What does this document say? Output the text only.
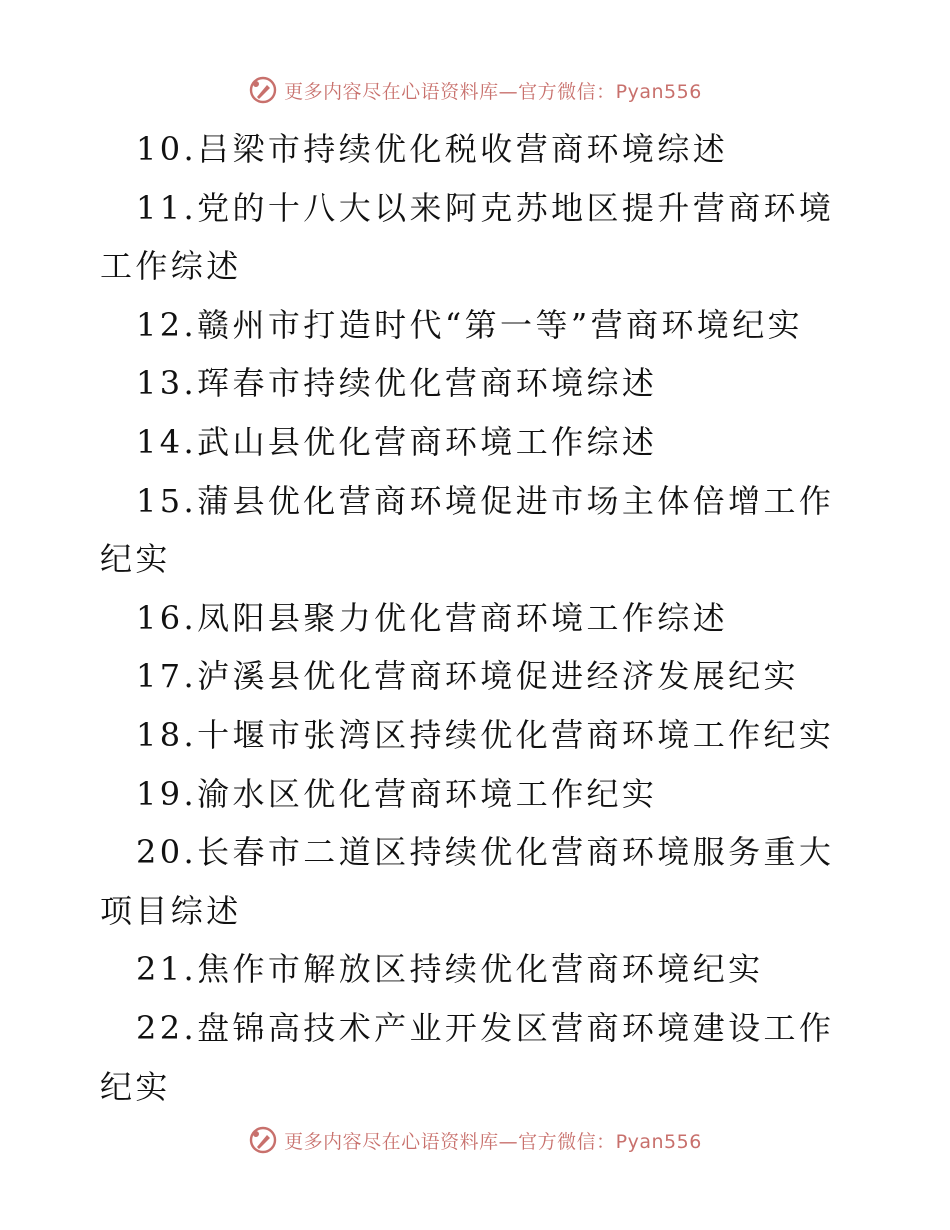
更多内容尽在心语资料库—官方微信：Pyan556

10.吕梁市持续优化税收营商环境综述

11.党的十八大以来阿克苏地区提升营商环境工作综述

12.赣州市打造时代“第一等”营商环境纪实

13.珲春市持续优化营商环境综述

14.武山县优化营商环境工作综述

15.蒲县优化营商环境促进市场主体倍增工作纪实

16.凤阳县聚力优化营商环境工作综述

17.泸溪县优化营商环境促进经济发展纪实

18.十堰市张湾区持续优化营商环境工作纪实

19.渝水区优化营商环境工作纪实

20.长春市二道区持续优化营商环境服务重大项目综述

21.焦作市解放区持续优化营商环境纪实

22.盘锦高技术产业开发区营商环境建设工作纪实

更多内容尽在心语资料库—官方微信：Pyan556
